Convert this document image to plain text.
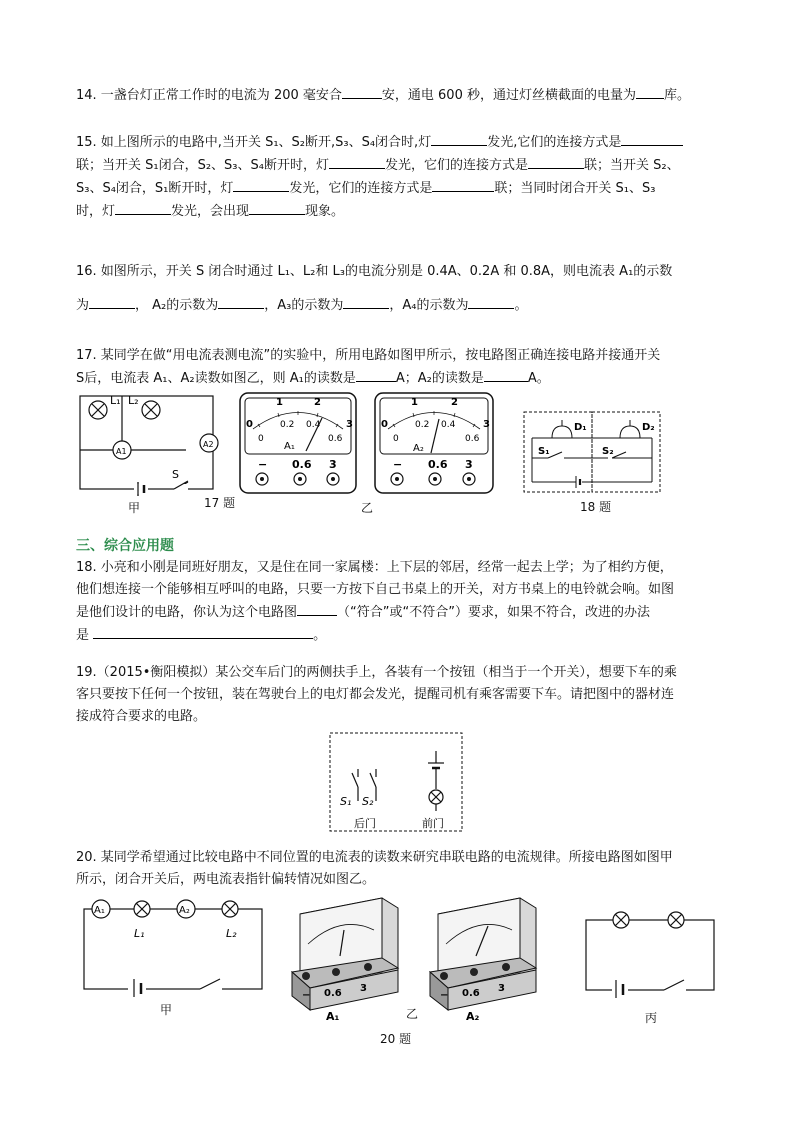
14. 一盏台灯正常工作时的电流为 200 毫安合	安，通电 600 秒，通过灯丝横截面的电量为 库。
15. 如上图所示的电路中,当开关 S₁、S₂断开,S₃、S₄闭合时,灯	发光,它们的连接方式是
联；当开关 S₁闭合，S₂、S₃、S₄断开时，灯	发光，它们的连接方式是	联；当开关 S₂、
S₃、S₄闭合，S₁断开时，灯	发光，它们的连接方式是	联；当同时闭合开关 S₁、S₃
时，灯	发光，会出现	现象。
16. 如图所示，开关 S 闭合时通过 L₁、L₂和 L₃的电流分别是 0.4A、0.2A 和 0.8A，则电流表 A₁的示数
为	， A₂的示数为	，A₃的示数为	，A₄的示数为	。
17. 某同学在做“用电流表测电流”的实验中，所用电路如图甲所示，按电路图正确连接电路并接通开关
S后，电流表 A₁、A₂读数如图乙，则 A₁的读数是	A；A₂的读数是	A。
L₁ L₂
A1
A2
S
甲	17 题
1	2
0	3
0
0.2 0.4
0.6
A₁
− 0.6 3
1	2
0	3
0
0.2 0.4
0.6
A₂
− 0.6 3
乙
D₁	D₂
S₁	S₂
18 题
三、综合应用题
18. 小亮和小刚是同班好朋友，又是住在同一家属楼：上下层的邻居，经常一起去上学；为了相约方便，
他们想连接一个能够相互呼叫的电路，只要一方按下自己书桌上的开关，对方书桌上的电铃就会响。如图
是他们设计的电路，你认为这个电路图	（“符合”或“不符合”）要求，如果不符合，改进的办法
是	。
19.（2015•衡阳模拟）某公交车后门的两侧扶手上，各装有一个按钮（相当于一个开关），想要下车的乘
客只要按下任何一个按钮，装在驾驶台上的电灯都会发光，提醒司机有乘客需要下车。请把图中的器材连
接成符合要求的电路。
S₁ S₂
后门	前门
20. 某同学希望通过比较电路中不同位置的电流表的读数来研究串联电路的电流规律。所接电路图如图甲
所示，闭合开关后，两电流表指针偏转情况如图乙。
A₁	A₂
L₁	L₂
甲
− 0.6 3
A₁	乙
− 0.6 3
A₂	丙
20 题
